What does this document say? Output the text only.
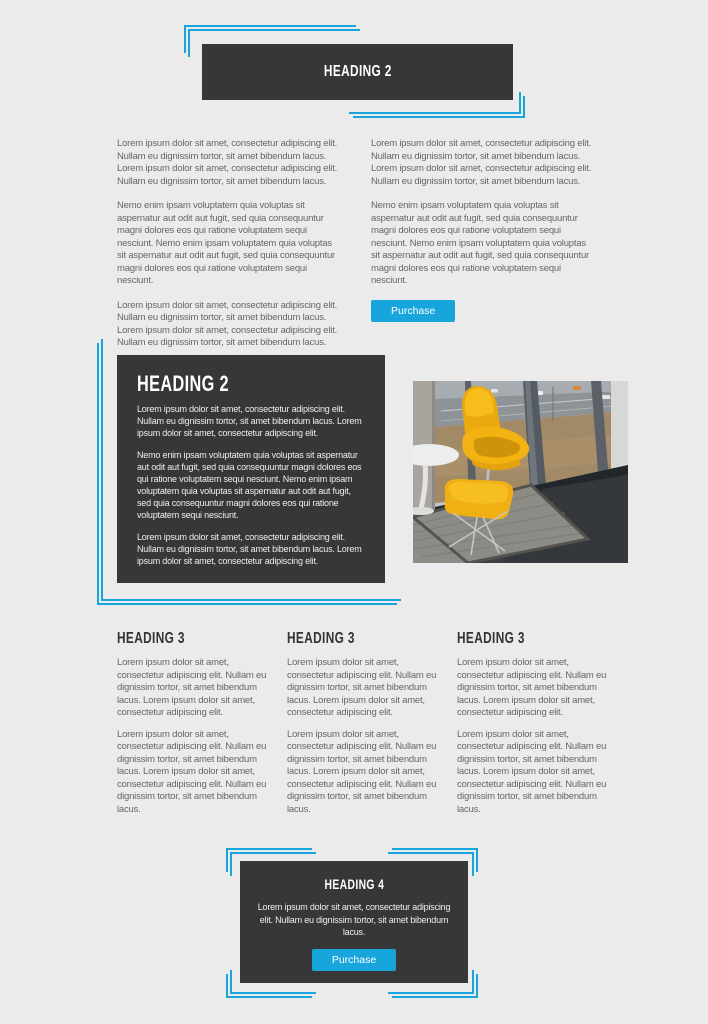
HEADING 2

Lorem ipsum dolor sit amet, consectetur adipiscing elit. Nullam eu dignissim tortor, sit amet bibendum lacus. Lorem ipsum dolor sit amet, consectetur adipiscing elit. Nullam eu dignissim tortor, sit amet bibendum lacus.

Nemo enim ipsam voluptatem quia voluptas sit aspernatur aut odit aut fugit, sed quia consequuntur magni dolores eos qui ratione voluptatem sequi nesciunt. Nemo enim ipsam voluptatem quia voluptas sit aspernatur aut odit aut fugit, sed quia consequuntur magni dolores eos qui ratione voluptatem sequi nesciunt.

Lorem ipsum dolor sit amet, consectetur adipiscing elit. Nullam eu dignissim tortor, sit amet bibendum lacus. Lorem ipsum dolor sit amet, consectetur adipiscing elit. Nullam eu dignissim tortor, sit amet bibendum lacus.

Lorem ipsum dolor sit amet, consectetur adipiscing elit. Nullam eu dignissim tortor, sit amet bibendum lacus. Lorem ipsum dolor sit amet, consectetur adipiscing elit. Nullam eu dignissim tortor, sit amet bibendum lacus.

Nemo enim ipsam voluptatem quia voluptas sit aspernatur aut odit aut fugit, sed quia consequuntur magni dolores eos qui ratione voluptatem sequi nesciunt. Nemo enim ipsam voluptatem quia voluptas sit aspernatur aut odit aut fugit, sed quia consequuntur magni dolores eos qui ratione voluptatem sequi nesciunt.

Purchase
HEADING 2

Lorem ipsum dolor sit amet, consectetur adipiscing elit. Nullam eu dignissim tortor, sit amet bibendum lacus. Lorem ipsum dolor sit amet, consectetur adipiscing elit.

Nemo enim ipsam voluptatem quia voluptas sit aspernatur aut odit aut fugit, sed quia consequuntur magni dolores eos qui ratione voluptatem sequi nesciunt. Nemo enim ipsam voluptatem quia voluptas sit aspernatur aut odit aut fugit, sed quia consequuntur magni dolores eos qui ratione voluptatem sequi nesciunt.

Lorem ipsum dolor sit amet, consectetur adipiscing elit. Nullam eu dignissim tortor, sit amet bibendum lacus. Lorem ipsum dolor sit amet, consectetur adipiscing elit.

HEADING 3

Lorem ipsum dolor sit amet, consectetur adipiscing elit. Nullam eu dignissim tortor, sit amet bibendum lacus. Lorem ipsum dolor sit amet, consectetur adipiscing elit.

Lorem ipsum dolor sit amet, consectetur adipiscing elit. Nullam eu dignissim tortor, sit amet bibendum lacus. Lorem ipsum dolor sit amet, consectetur adipiscing elit. Nullam eu dignissim tortor, sit amet bibendum lacus.

HEADING 3

Lorem ipsum dolor sit amet, consectetur adipiscing elit. Nullam eu dignissim tortor, sit amet bibendum lacus. Lorem ipsum dolor sit amet, consectetur adipiscing elit.

Lorem ipsum dolor sit amet, consectetur adipiscing elit. Nullam eu dignissim tortor, sit amet bibendum lacus. Lorem ipsum dolor sit amet, consectetur adipiscing elit. Nullam eu dignissim tortor, sit amet bibendum lacus.

HEADING 3

Lorem ipsum dolor sit amet, consectetur adipiscing elit. Nullam eu dignissim tortor, sit amet bibendum lacus. Lorem ipsum dolor sit amet, consectetur adipiscing elit.

Lorem ipsum dolor sit amet, consectetur adipiscing elit. Nullam eu dignissim tortor, sit amet bibendum lacus. Lorem ipsum dolor sit amet, consectetur adipiscing elit. Nullam eu dignissim tortor, sit amet bibendum lacus.

HEADING 4

Lorem ipsum dolor sit amet, consectetur adipiscing elit. Nullam eu dignissim tortor, sit amet bibendum lacus.

Purchase
